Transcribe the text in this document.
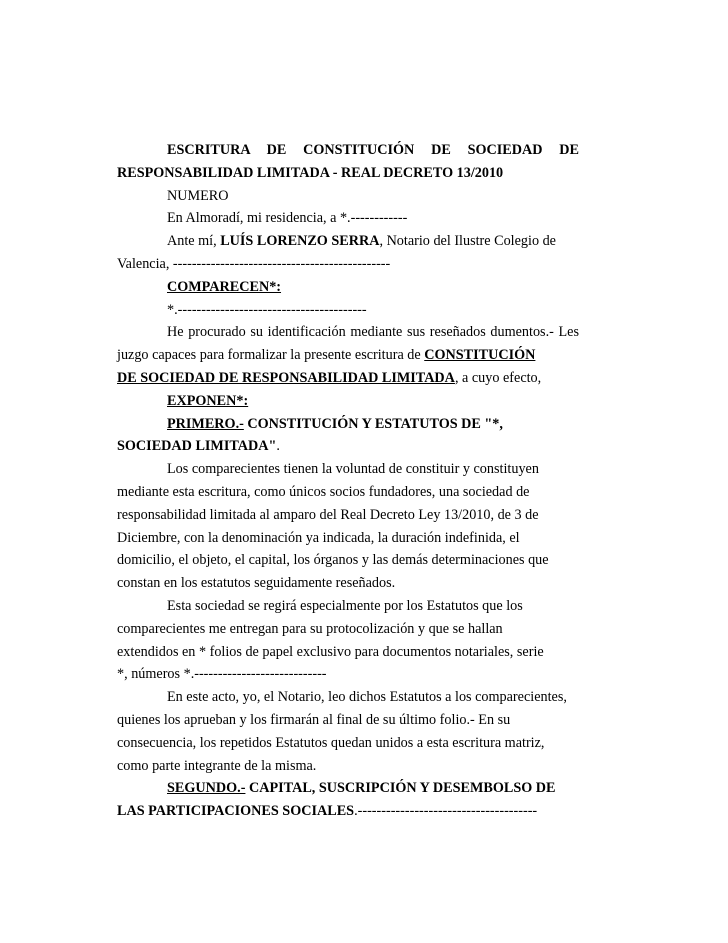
ESCRITURA DE CONSTITUCIÓN DE SOCIEDAD DE
RESPONSABILIDAD LIMITADA - REAL DECRETO 13/2010

NUMERO

En Almoradí, mi residencia, a *.------------

Ante mí, LUÍS LORENZO SERRA, Notario del Ilustre Colegio de
Valencia, ----------------------------------------------

COMPARECEN*:

*.----------------------------------------

He procurado su identificación mediante sus reseñados dumentos.- Les
juzgo capaces para formalizar la presente escritura de CONSTITUCIÓN
DE SOCIEDAD DE RESPONSABILIDAD LIMITADA, a cuyo efecto,

EXPONEN*:

PRIMERO.- CONSTITUCIÓN Y ESTATUTOS DE "*,
SOCIEDAD LIMITADA".
Los comparecientes tienen la voluntad de constituir y constituyen
mediante esta escritura, como únicos socios fundadores, una sociedad de
responsabilidad limitada al amparo del Real Decreto Ley 13/2010, de 3 de
Diciembre, con la denominación ya indicada, la duración indefinida, el
domicilio, el objeto, el capital, los órganos y las demás determinaciones que
constan en los estatutos seguidamente reseñados.
Esta sociedad se regirá especialmente por los Estatutos que los
comparecientes me entregan para su protocolización y que se hallan
extendidos en * folios de papel exclusivo para documentos notariales, serie
*, números *.----------------------------
En este acto, yo, el Notario, leo dichos Estatutos a los comparecientes,
quienes los aprueban y los firmarán al final de su último folio.- En su
consecuencia, los repetidos Estatutos quedan unidos a esta escritura matriz,
como parte integrante de la misma.
SEGUNDO.- CAPITAL, SUSCRIPCIÓN Y DESEMBOLSO DE
LAS PARTICIPACIONES SOCIALES.--------------------------------------
